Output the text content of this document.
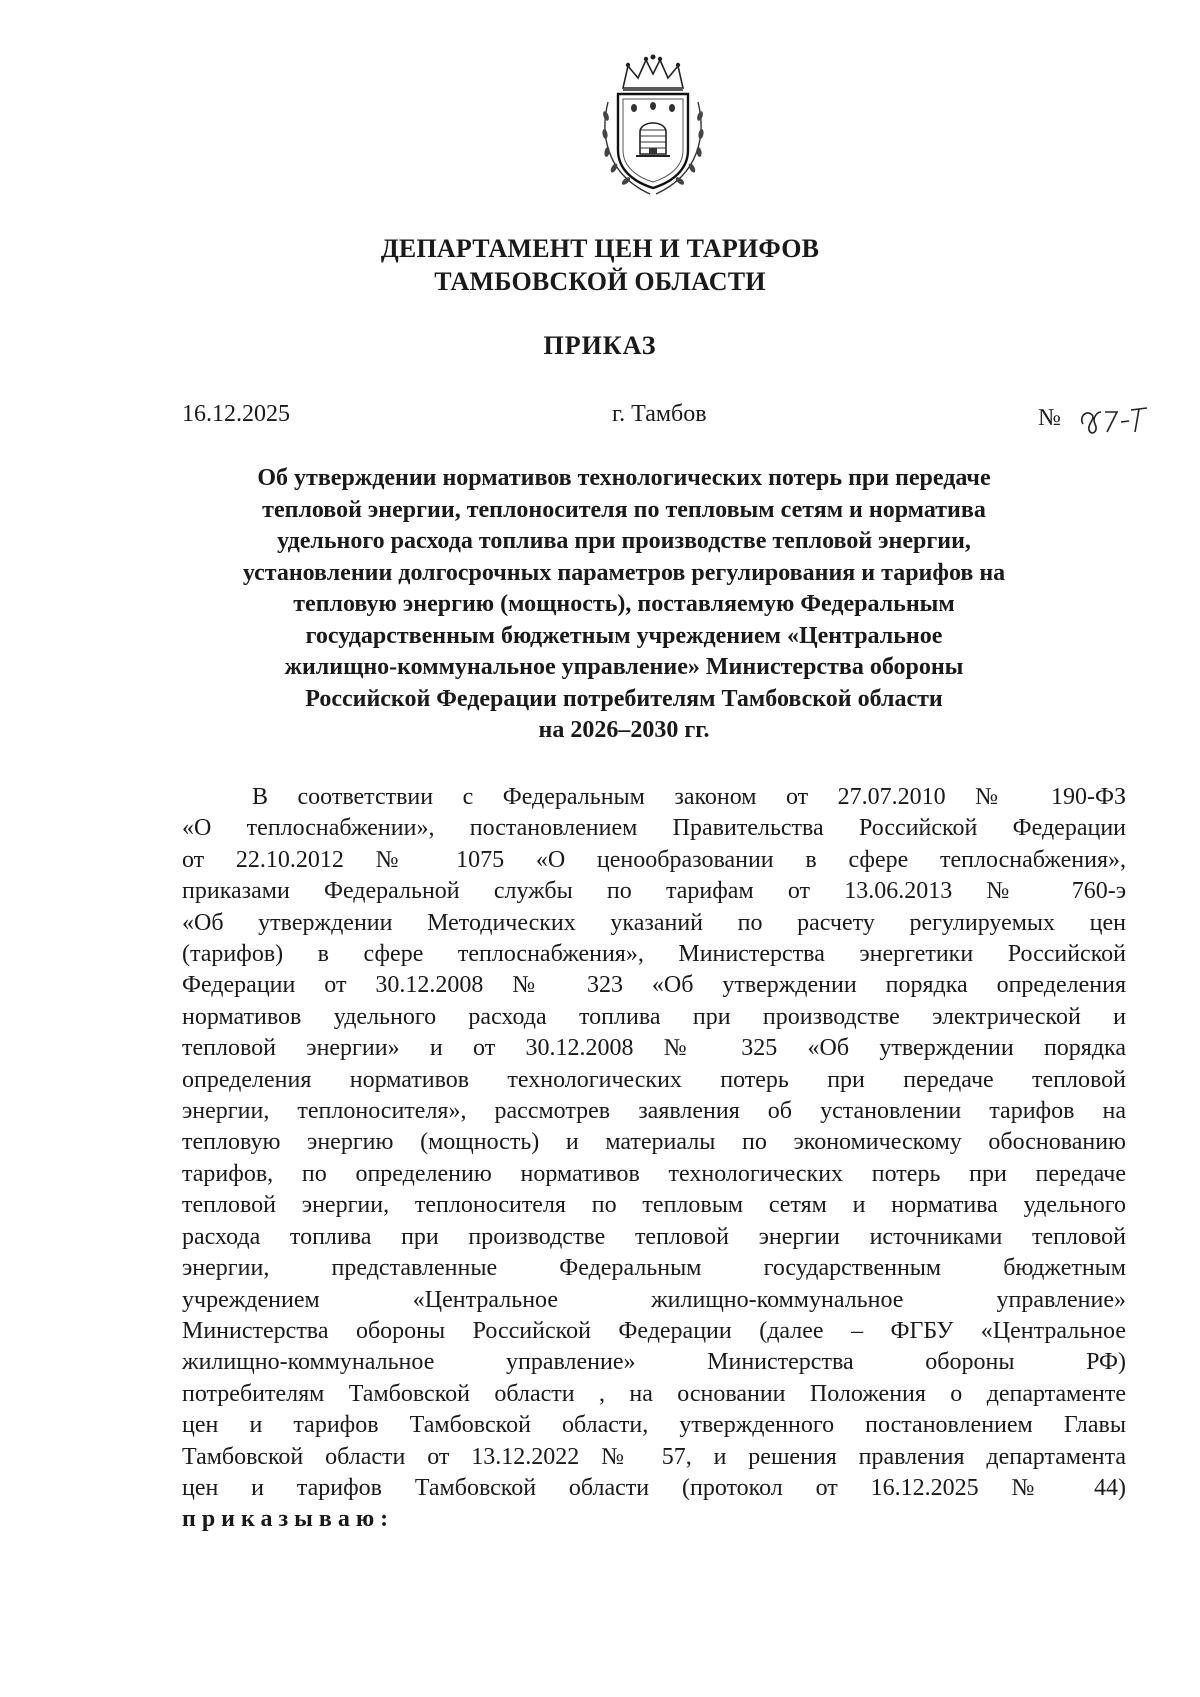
ДЕПАРТАМЕНТ ЦЕН И ТАРИФОВ
ТАМБОВСКОЙ ОБЛАСТИ
ПРИКАЗ
16.12.2025	г. Тамбов	№
Об утверждении нормативов технологических потерь при передаче
тепловой энергии, теплоносителя по тепловым сетям и норматива
удельного расхода топлива при производстве тепловой энергии,
установлении долгосрочных параметров регулирования и тарифов на
тепловую энергию (мощность), поставляемую Федеральным
государственным бюджетным учреждением «Центральное
жилищно-коммунальное управление» Министерства обороны
Российской Федерации потребителям Тамбовской области
на 2026–2030 гг.
В соответствии с Федеральным законом от 27.07.2010 № 190-ФЗ
«О теплоснабжении», постановлением Правительства Российской Федерации
от 22.10.2012 № 1075 «О ценообразовании в сфере теплоснабжения»,
приказами Федеральной службы по тарифам от 13.06.2013 № 760-э
«Об утверждении Методических указаний по расчету регулируемых цен
(тарифов) в сфере теплоснабжения», Министерства энергетики Российской
Федерации от 30.12.2008 № 323 «Об утверждении порядка определения
нормативов удельного расхода топлива при производстве электрической и
тепловой энергии» и от 30.12.2008 № 325 «Об утверждении порядка
определения нормативов технологических потерь при передаче тепловой
энергии, теплоносителя», рассмотрев заявления об установлении тарифов на
тепловую энергию (мощность) и материалы по экономическому обоснованию
тарифов, по определению нормативов технологических потерь при передаче
тепловой энергии, теплоносителя по тепловым сетям и норматива удельного
расхода топлива при производстве тепловой энергии источниками тепловой
энергии, представленные Федеральным государственным бюджетным
учреждением «Центральное жилищно-коммунальное управление»
Министерства обороны Российской Федерации (далее – ФГБУ «Центральное
жилищно-коммунальное управление» Министерства обороны РФ)
потребителям Тамбовской области , на основании Положения о департаменте
цен и тарифов Тамбовской области, утвержденного постановлением Главы
Тамбовской области от 13.12.2022 № 57, и решения правления департамента
цен и тарифов Тамбовской области (протокол от 16.12.2025 № 44)
приказываю:
